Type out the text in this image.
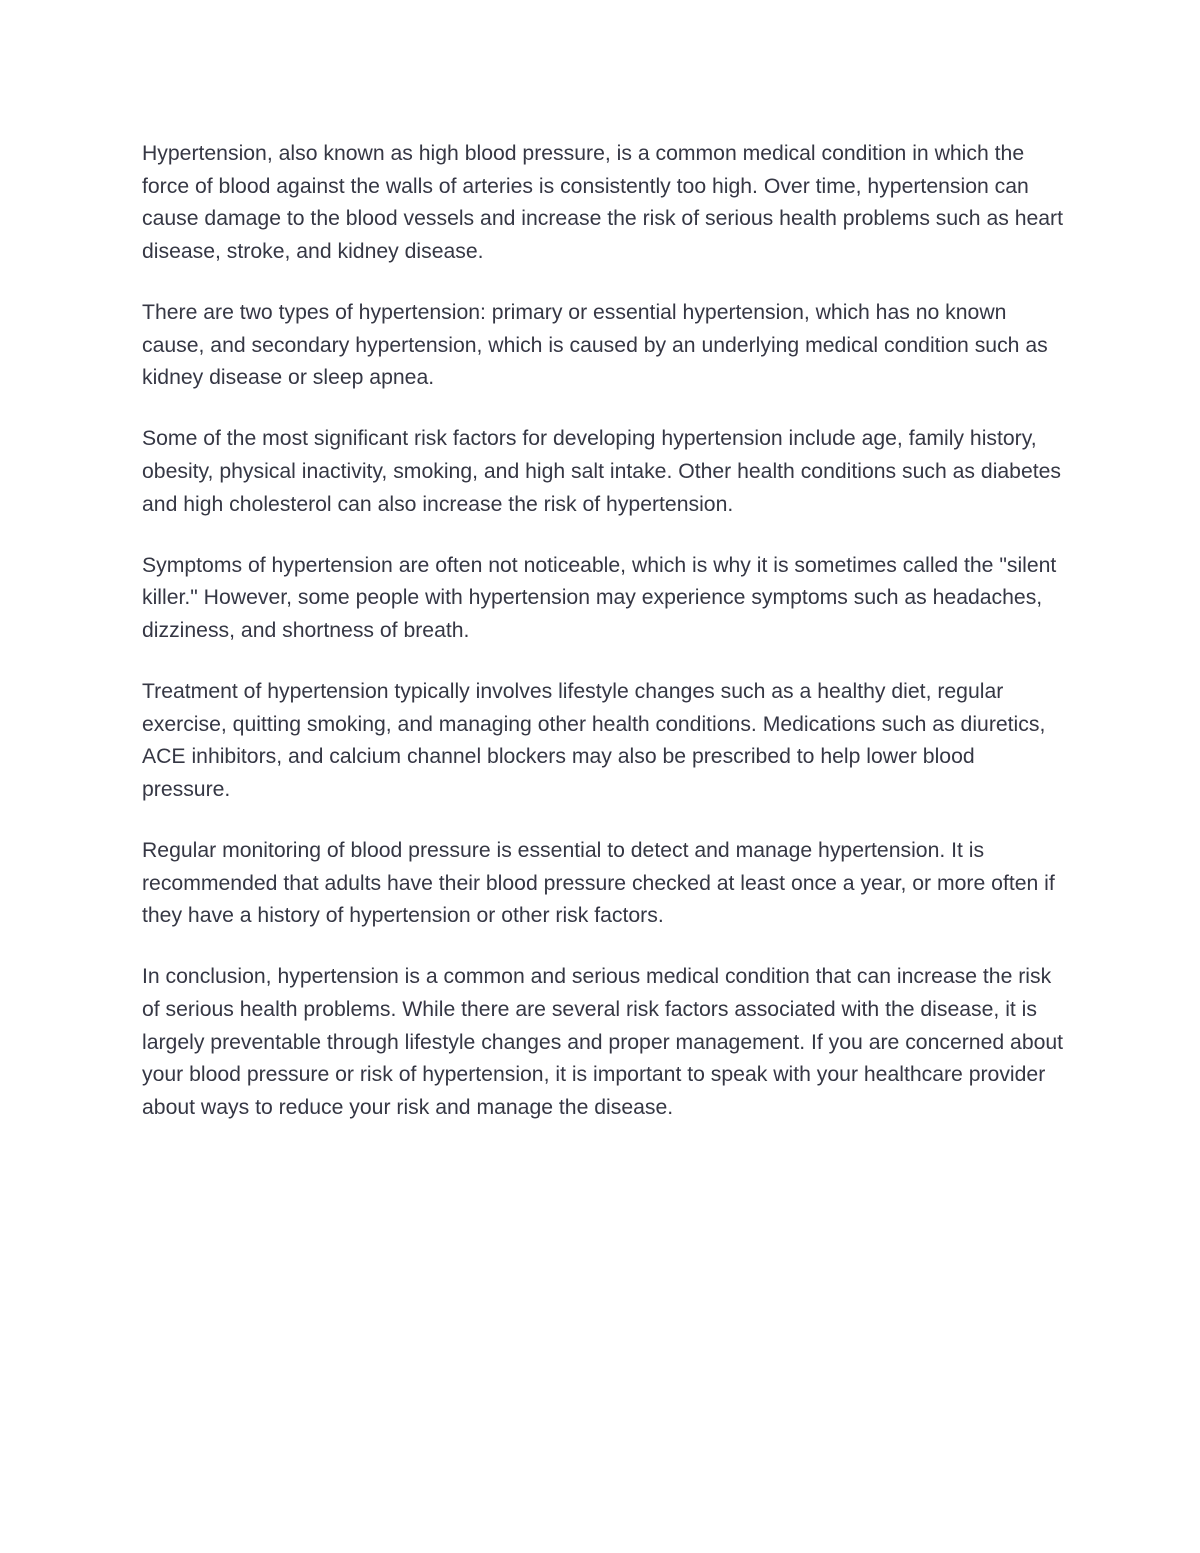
Hypertension, also known as high blood pressure, is a common medical condition in which the force of blood against the walls of arteries is consistently too high. Over time, hypertension can cause damage to the blood vessels and increase the risk of serious health problems such as heart disease, stroke, and kidney disease.

There are two types of hypertension: primary or essential hypertension, which has no known cause, and secondary hypertension, which is caused by an underlying medical condition such as kidney disease or sleep apnea.

Some of the most significant risk factors for developing hypertension include age, family history, obesity, physical inactivity, smoking, and high salt intake. Other health conditions such as diabetes and high cholesterol can also increase the risk of hypertension.

Symptoms of hypertension are often not noticeable, which is why it is sometimes called the "silent killer." However, some people with hypertension may experience symptoms such as headaches, dizziness, and shortness of breath.

Treatment of hypertension typically involves lifestyle changes such as a healthy diet, regular exercise, quitting smoking, and managing other health conditions. Medications such as diuretics, ACE inhibitors, and calcium channel blockers may also be prescribed to help lower blood pressure.

Regular monitoring of blood pressure is essential to detect and manage hypertension. It is recommended that adults have their blood pressure checked at least once a year, or more often if they have a history of hypertension or other risk factors.

In conclusion, hypertension is a common and serious medical condition that can increase the risk of serious health problems. While there are several risk factors associated with the disease, it is largely preventable through lifestyle changes and proper management. If you are concerned about your blood pressure or risk of hypertension, it is important to speak with your healthcare provider about ways to reduce your risk and manage the disease.
